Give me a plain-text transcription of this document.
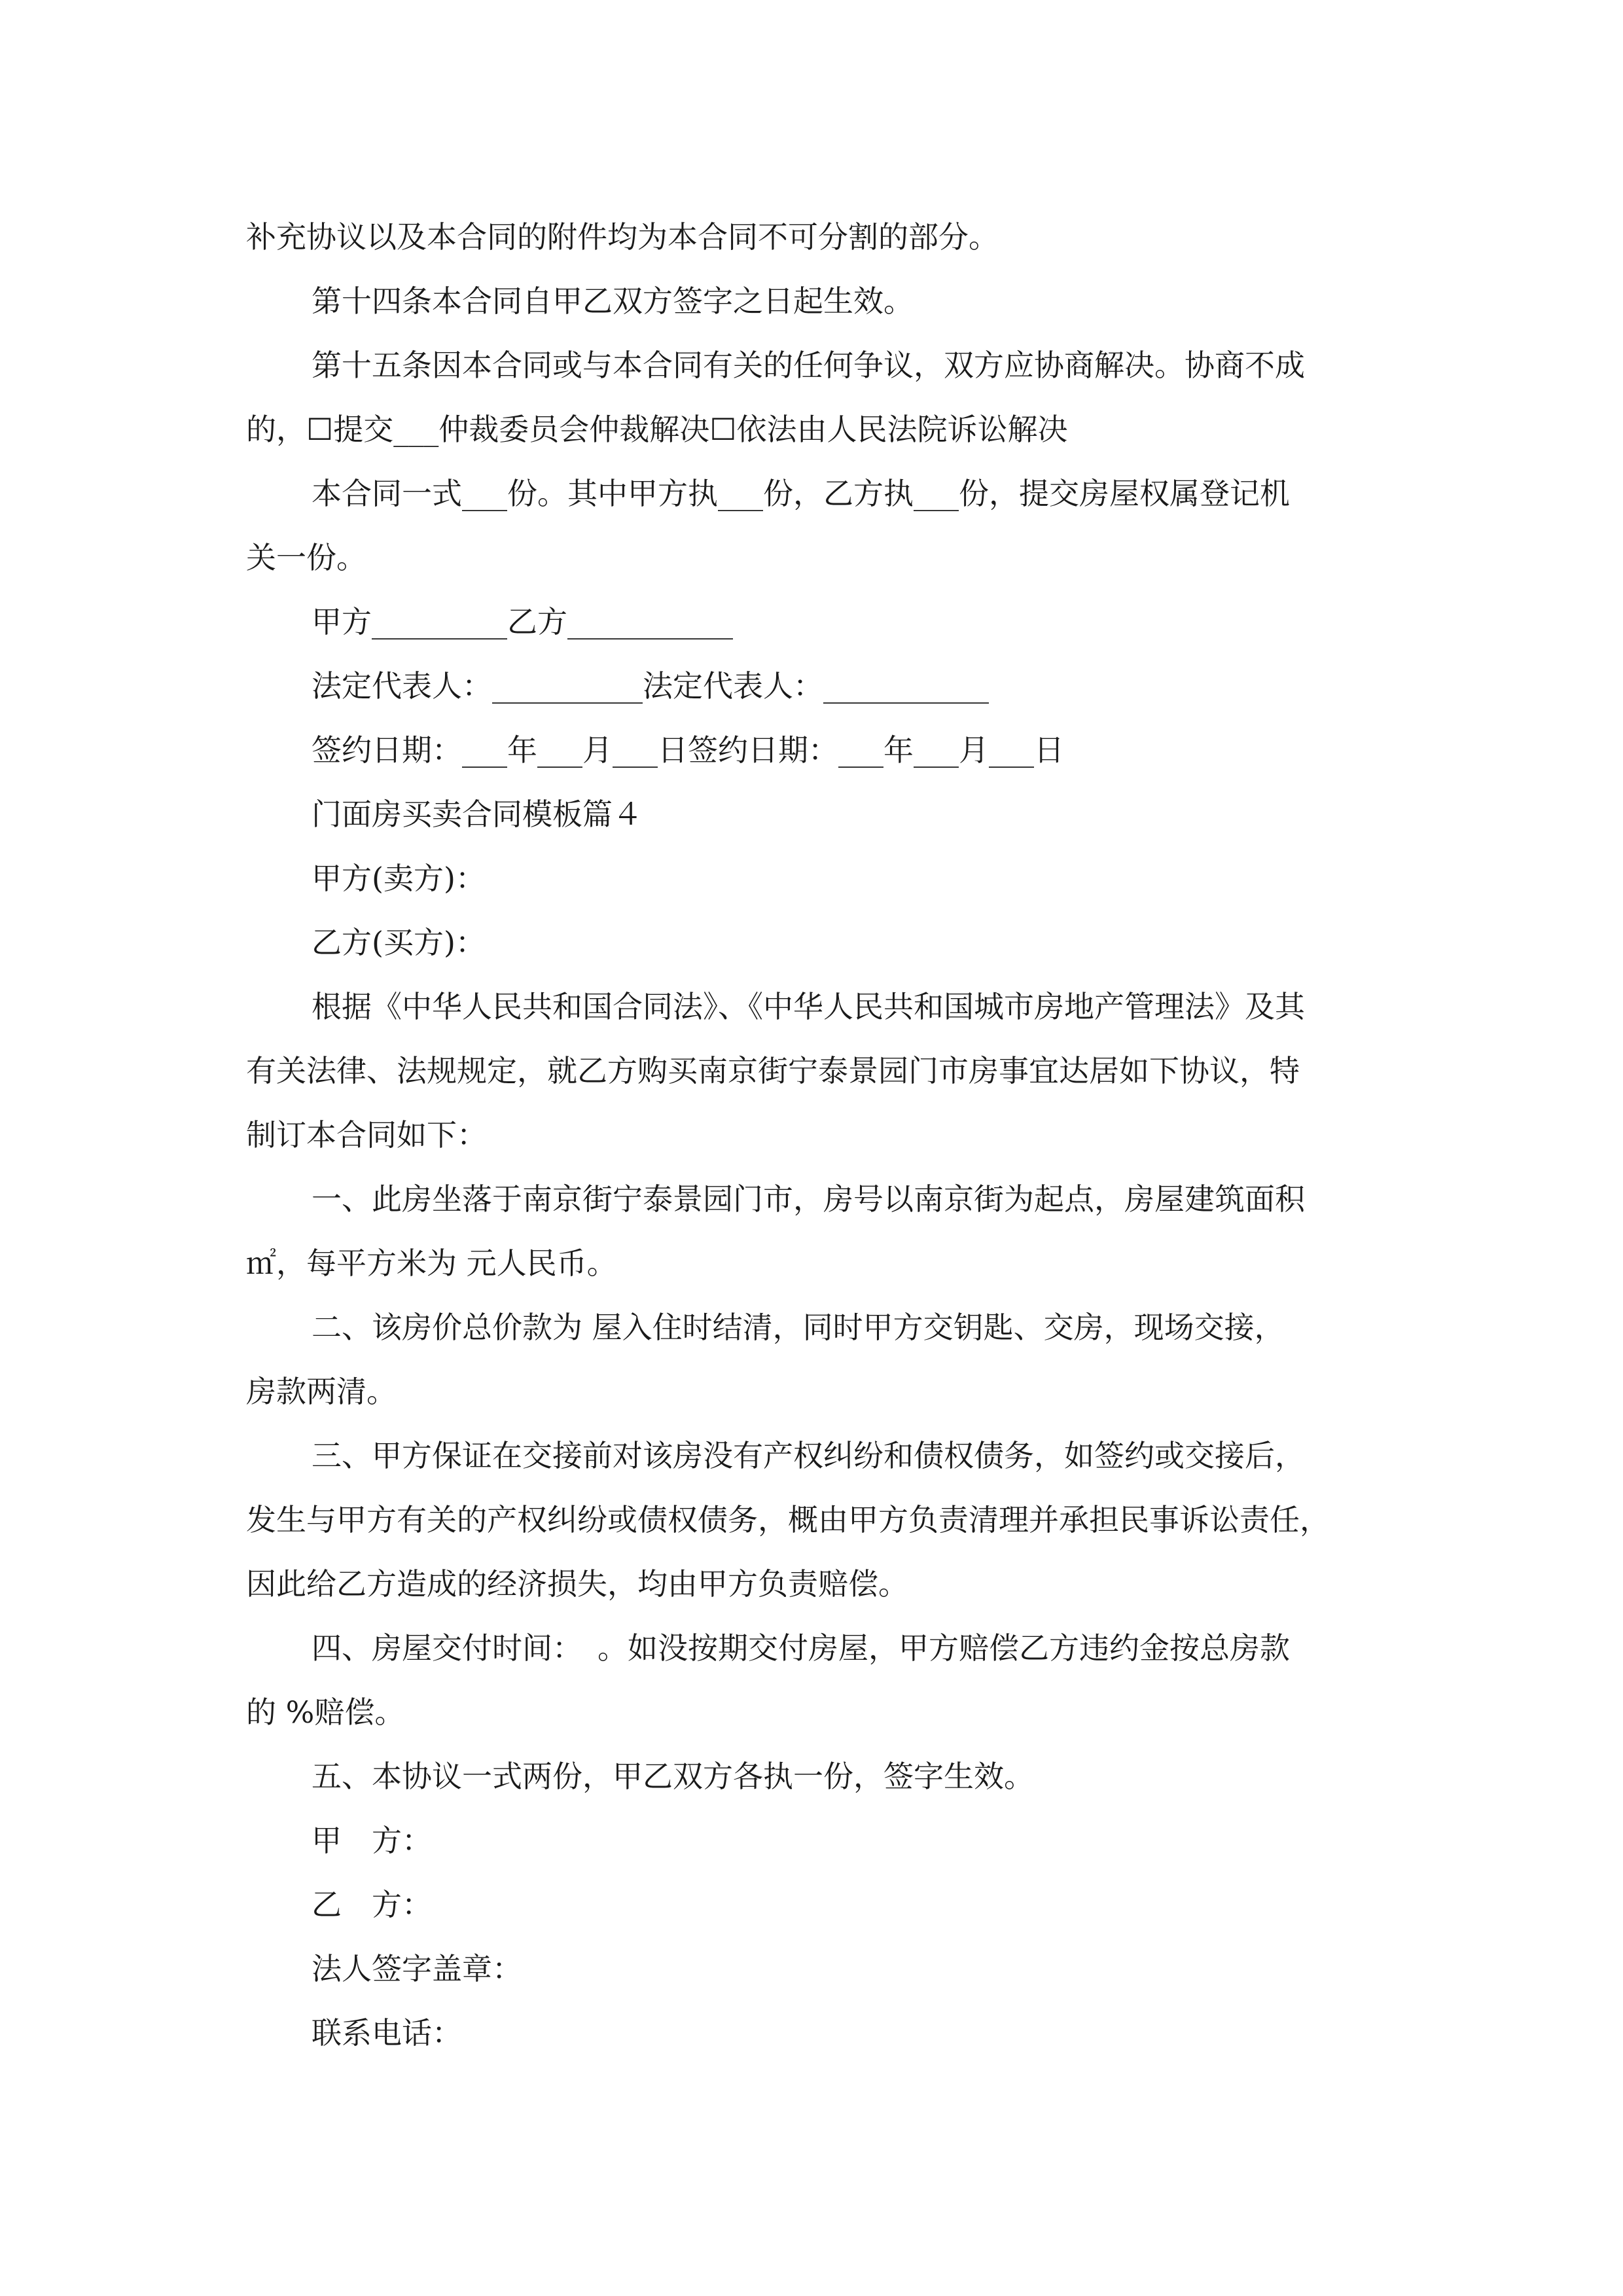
补充协议以及本合同的附件均为本合同不可分割的部分。
第十四条本合同自甲乙双方签字之日起生效。
第十五条因本合同或与本合同有关的任何争议，双方应协商解决。协商不成
的，☐提交___仲裁委员会仲裁解决☐依法由人民法院诉讼解决
本合同一式___份。其中甲方执___份，乙方执___份，提交房屋权属登记机
关一份。
甲方_________乙方___________
法定代表人：__________法定代表人：___________
签约日期：___年___月___日签约日期：___年___月___日
门面房买卖合同模板篇４
甲方(卖方)：
乙方(买方)：
根据《中华人民共和国合同法》、《中华人民共和国城市房地产管理法》及其
有关法律、法规规定，就乙方购买南京街宁泰景园门市房事宜达居如下协议，特
制订本合同如下：
一、此房坐落于南京街宁泰景园门市，房号以南京街为起点，房屋建筑面积
㎡，每平方米为 元人民币。
二、该房价总价款为 屋入住时结清，同时甲方交钥匙、交房，现场交接，
房款两清。
三、甲方保证在交接前对该房没有产权纠纷和债权债务，如签约或交接后，
发生与甲方有关的产权纠纷或债权债务，概由甲方负责清理并承担民事诉讼责任，
因此给乙方造成的经济损失，均由甲方负责赔偿。
四、房屋交付时间：　。如没按期交付房屋，甲方赔偿乙方违约金按总房款
的 %赔偿。
五、本协议一式两份，甲乙双方各执一份，签字生效。
甲　方：
乙　方：
法人签字盖章：
联系电话：
